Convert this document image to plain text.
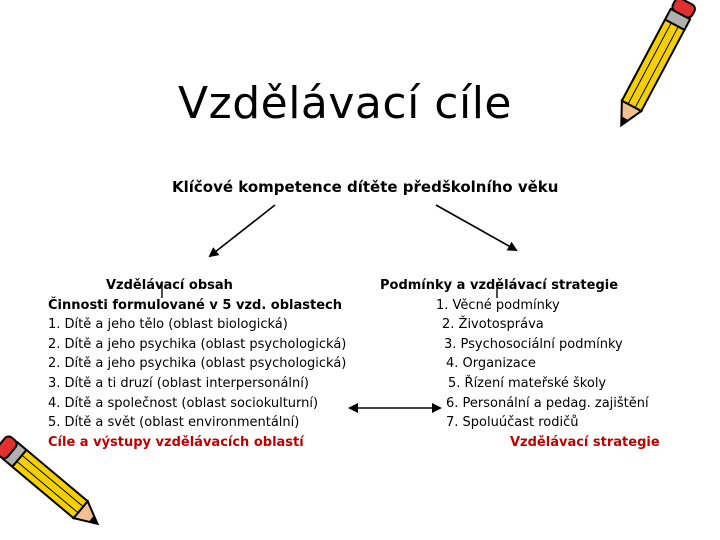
Vzdělávací cíle
Klíčové kompetence dítěte předškolního věku
Vzdělávací obsah
Činnosti formulované v 5 vzd. oblastech
1. Dítě a jeho tělo (oblast biologická)
2. Dítě a jeho psychika (oblast psychologická)
2. Dítě a jeho psychika (oblast psychologická)
3. Dítě a ti druzí (oblast interpersonální)
4. Dítě a společnost (oblast sociokulturní)
5. Dítě a svět (oblast environmentální)
Cíle a výstupy vzdělávacích oblastí
Podmínky a vzdělávací strategie
1. Věcné podmínky
2. Životospráva
3. Psychosociální podmínky
4. Organizace
5. Řízení mateřské školy
6. Personální a pedag. zajištění
7. Spoluúčast rodičů
Vzdělávací strategie
